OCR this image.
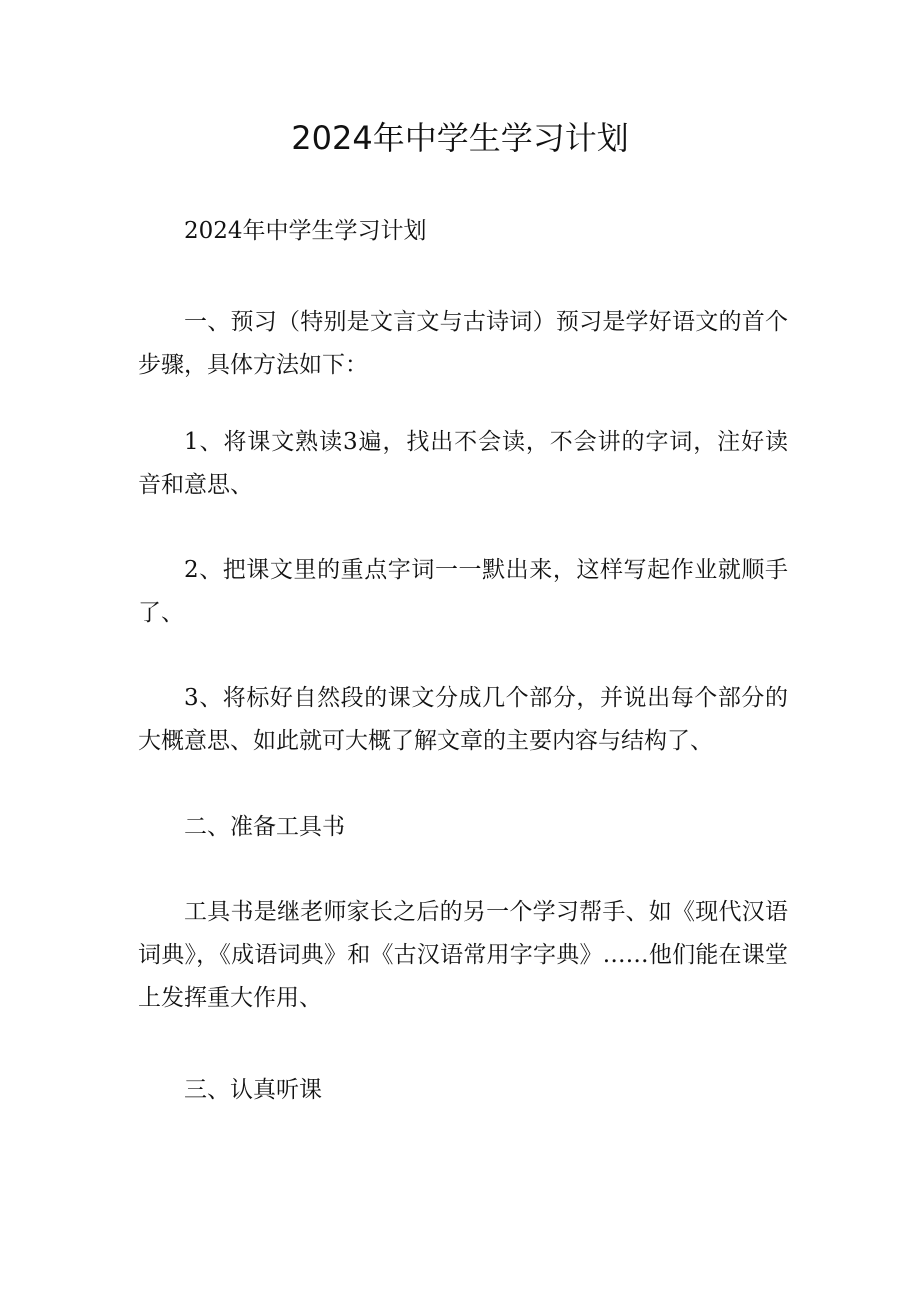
2024年中学生学习计划

2024年中学生学习计划

一、预习（特别是文言文与古诗词）预习是学好语文的首个步骤，具体方法如下：

1、将课文熟读3遍，找出不会读，不会讲的字词，注好读音和意思、

2、把课文里的重点字词一一默出来，这样写起作业就顺手了、

3、将标好自然段的课文分成几个部分，并说出每个部分的大概意思、如此就可大概了解文章的主要内容与结构了、

二、准备工具书

工具书是继老师家长之后的另一个学习帮手、如《现代汉语词典》，《成语词典》和《古汉语常用字字典》……他们能在课堂上发挥重大作用、

三、认真听课
